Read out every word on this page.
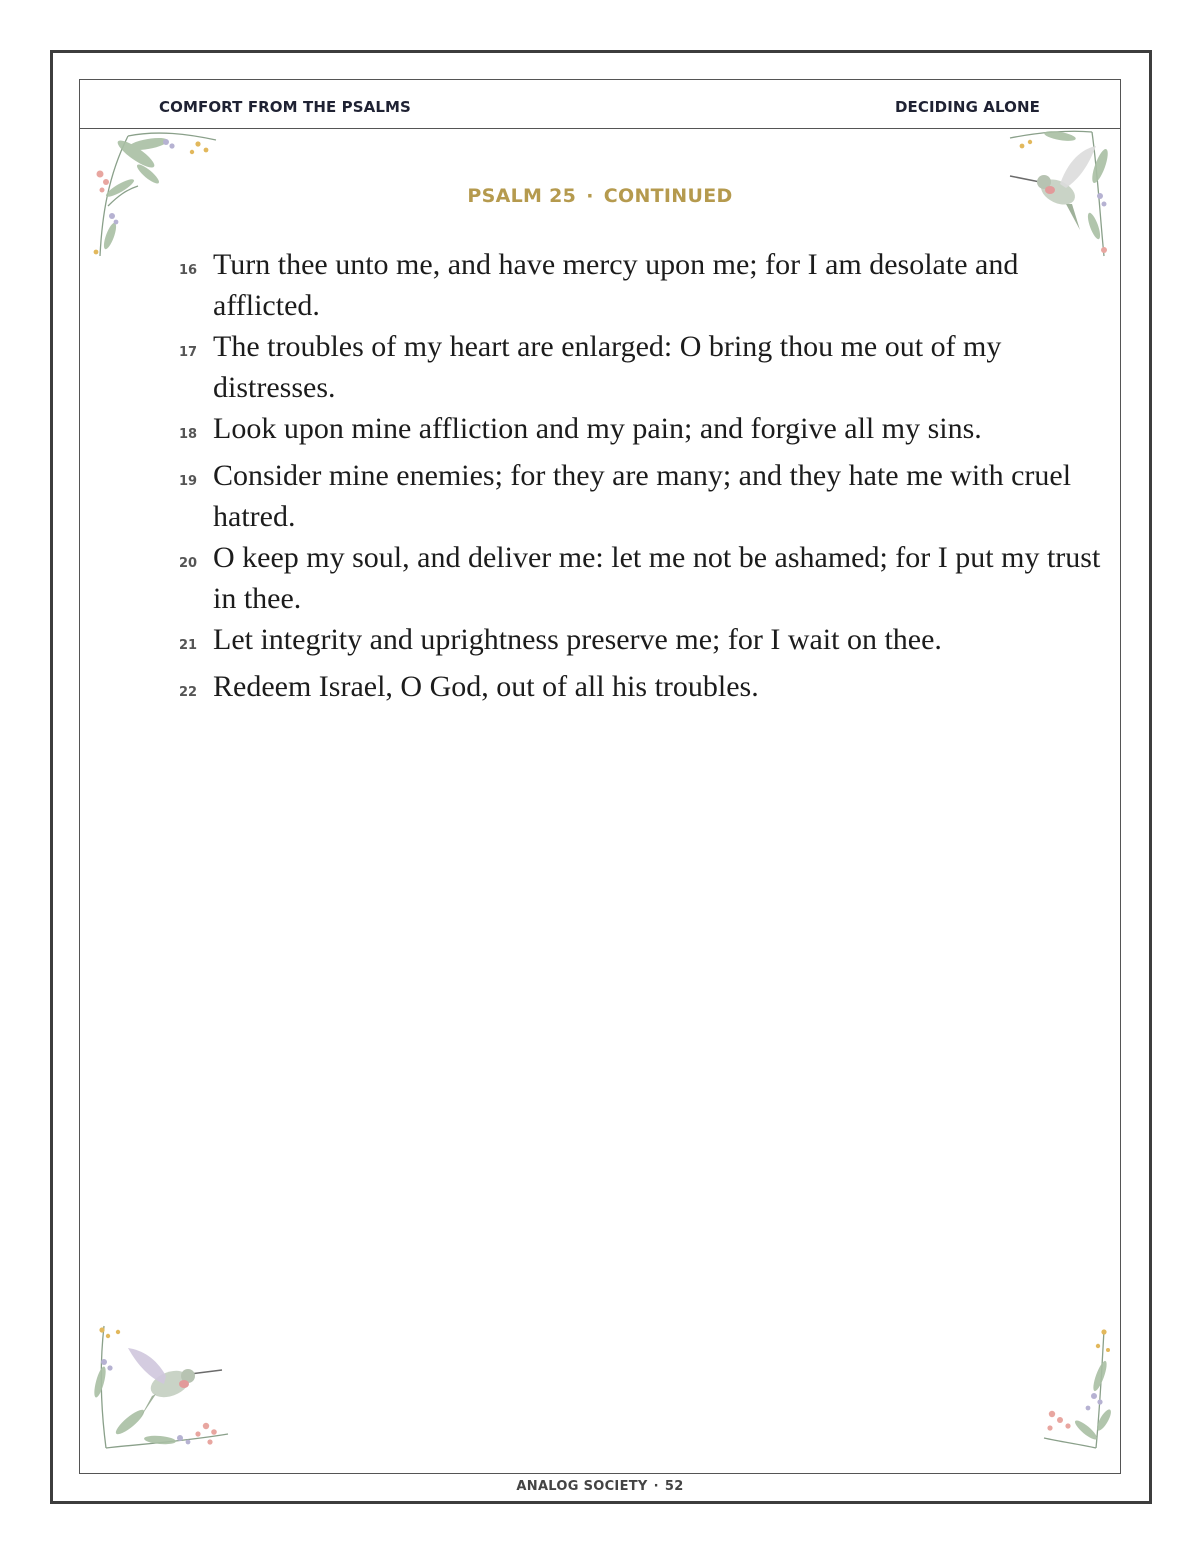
COMFORT FROM THE PSALMS	DECIDING ALONE
PSALM 25 · CONTINUED
16 Turn thee unto me, and have mercy upon me; for I am desolate and afflicted.
17 The troubles of my heart are enlarged: O bring thou me out of my distresses.
18 Look upon mine affliction and my pain; and forgive all my sins.
19 Consider mine enemies; for they are many; and they hate me with cruel hatred.
20 O keep my soul, and deliver me: let me not be ashamed; for I put my trust in thee.
21 Let integrity and uprightness preserve me; for I wait on thee.
22 Redeem Israel, O God, out of all his troubles.
ANALOG SOCIETY · 52
